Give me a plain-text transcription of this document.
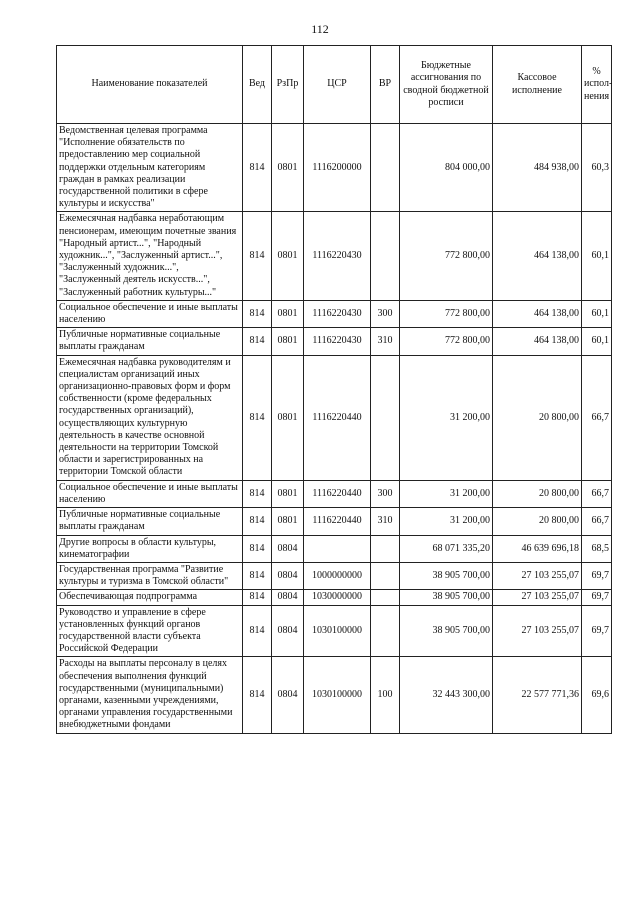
112
Наименование показателей	Вед	РзПр	ЦСР	ВР	Бюджетные ассигнования по сводной бюджетной росписи	Кассовое исполнение	% испол-нения
Ведомственная целевая программа "Исполнение обязательств по предоставлению мер социальной поддержки отдельным категориям граждан в рамках реализации государственной политики в сфере культуры и искусства"	814	0801	1116200000		804 000,00	484 938,00	60,3
Ежемесячная надбавка неработающим пенсионерам, имеющим почетные звания "Народный артист...", "Народный художник...", "Заслуженный артист...", "Заслуженный художник...", "Заслуженный деятель искусств...", "Заслуженный работник культуры..."	814	0801	1116220430		772 800,00	464 138,00	60,1
Социальное обеспечение и иные выплаты населению	814	0801	1116220430	300	772 800,00	464 138,00	60,1
Публичные нормативные социальные выплаты гражданам	814	0801	1116220430	310	772 800,00	464 138,00	60,1
Ежемесячная надбавка руководителям и специалистам организаций иных организационно-правовых форм и форм собственности (кроме федеральных государственных организаций), осуществляющих культурную деятельность в качестве основной деятельности на территории Томской области и зарегистрированных на территории Томской области	814	0801	1116220440		31 200,00	20 800,00	66,7
Социальное обеспечение и иные выплаты населению	814	0801	1116220440	300	31 200,00	20 800,00	66,7
Публичные нормативные социальные выплаты гражданам	814	0801	1116220440	310	31 200,00	20 800,00	66,7
Другие вопросы в области культуры, кинематографии	814	0804			68 071 335,20	46 639 696,18	68,5
Государственная программа "Развитие культуры и туризма в Томской области"	814	0804	1000000000		38 905 700,00	27 103 255,07	69,7
Обеспечивающая подпрограмма	814	0804	1030000000		38 905 700,00	27 103 255,07	69,7
Руководство и управление в сфере установленных функций органов государственной власти субъекта Российской Федерации	814	0804	1030100000		38 905 700,00	27 103 255,07	69,7
Расходы на выплаты персоналу в целях обеспечения выполнения функций государственными (муниципальными) органами, казенными учреждениями, органами управления государственными внебюджетными фондами	814	0804	1030100000	100	32 443 300,00	22 577 771,36	69,6
